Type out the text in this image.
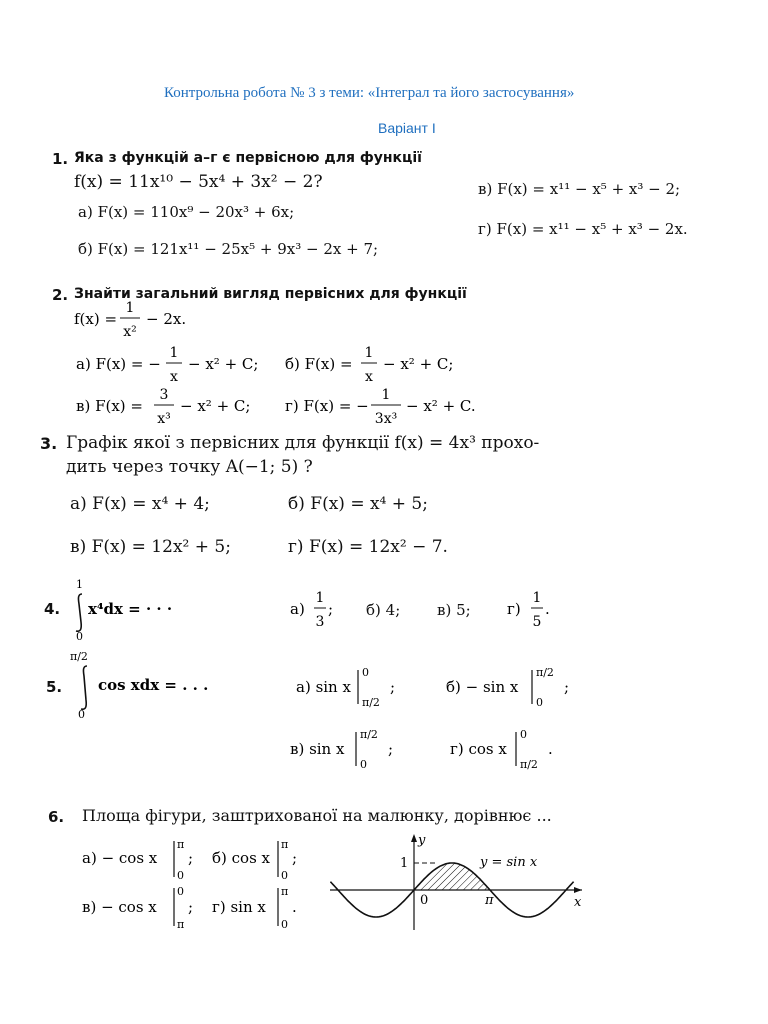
Контрольна робота № 3 з теми: «Інтеграл та його застосування»
Варіант І
1. Яка з функцій а–г є первісною для функції
f(x) = 11x¹⁰ − 5x⁴ + 3x² − 2?
а) F(x) = 110x⁹ − 20x³ + 6x;
б) F(x) = 121x¹¹ − 25x⁵ + 9x³ − 2x + 7;
в) F(x) = x¹¹ − x⁵ + x³ − 2;
г) F(x) = x¹¹ − x⁵ + x³ − 2x.
2. Знайти загальний вигляд первісних для функції
f(x) =
1
x²
− 2x.
а) F(x) = −
1
x
− x² + C; б) F(x) =
1
x
− x² + C;
в) F(x) =
3
x³
− x² + C; г) F(x) = −
1
3x³
− x² + C.
3. Графік якої з первісних для функції f(x) = 4x³ прохо-
дить через точку A(−1; 5) ?
а) F(x) = x⁴ + 4;	б) F(x) = x⁴ + 5;
в) F(x) = 12x² + 5;	г) F(x) = 12x² − 7.
4.
1
0
x⁴dx = · · ·	а)
1
3
; б) 4; в) 5; г)
1
5
.
5.
π/2
0
cos xdx = . . .	а) sin x
0
π/2
;	б) − sin x
π/2
0
;
в) sin x
π/2
0
;	г) cos x
0
π/2
.
6. Площа фігури, заштрихованої на малюнку, дорівнює ...
а) − cos x
π
0
; б) cos x
π
0
;
в) − cos x
0
π
; г) sin x
π
0
.
y
x
1
0	π
y = sin x
